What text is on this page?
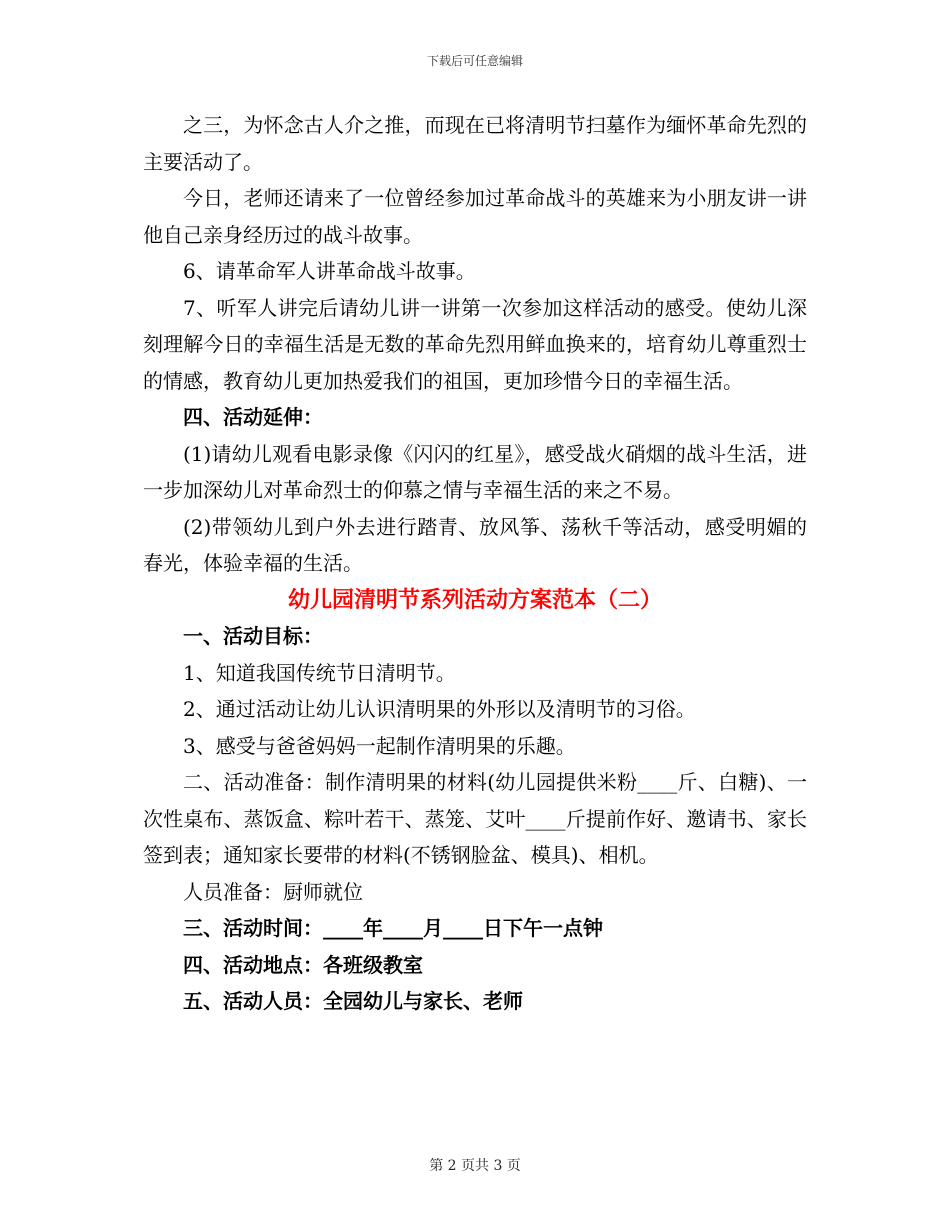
下载后可任意编辑

之三，为怀念古人介之推，而现在已将清明节扫墓作为缅怀革命先烈的主要活动了。

今日，老师还请来了一位曾经参加过革命战斗的英雄来为小朋友讲一讲他自己亲身经历过的战斗故事。

6、请革命军人讲革命战斗故事。

7、听军人讲完后请幼儿讲一讲第一次参加这样活动的感受。使幼儿深刻理解今日的幸福生活是无数的革命先烈用鲜血换来的，培育幼儿尊重烈士的情感，教育幼儿更加热爱我们的祖国，更加珍惜今日的幸福生活。

四、活动延伸：

(1)请幼儿观看电影录像《闪闪的红星》，感受战火硝烟的战斗生活，进一步加深幼儿对革命烈士的仰慕之情与幸福生活的来之不易。

(2)带领幼儿到户外去进行踏青、放风筝、荡秋千等活动，感受明媚的春光，体验幸福的生活。

幼儿园清明节系列活动方案范本（二）

一、活动目标：

1、知道我国传统节日清明节。

2、通过活动让幼儿认识清明果的外形以及清明节的习俗。

3、感受与爸爸妈妈一起制作清明果的乐趣。

二、活动准备：制作清明果的材料(幼儿园提供米粉____斤、白糖)、一次性桌布、蒸饭盒、粽叶若干、蒸笼、艾叶____斤提前作好、邀请书、家长签到表；通知家长要带的材料(不锈钢脸盆、模具)、相机。

人员准备：厨师就位

三、活动时间：____年____月____日下午一点钟

四、活动地点：各班级教室

五、活动人员：全园幼儿与家长、老师

第 2 页共 3 页
